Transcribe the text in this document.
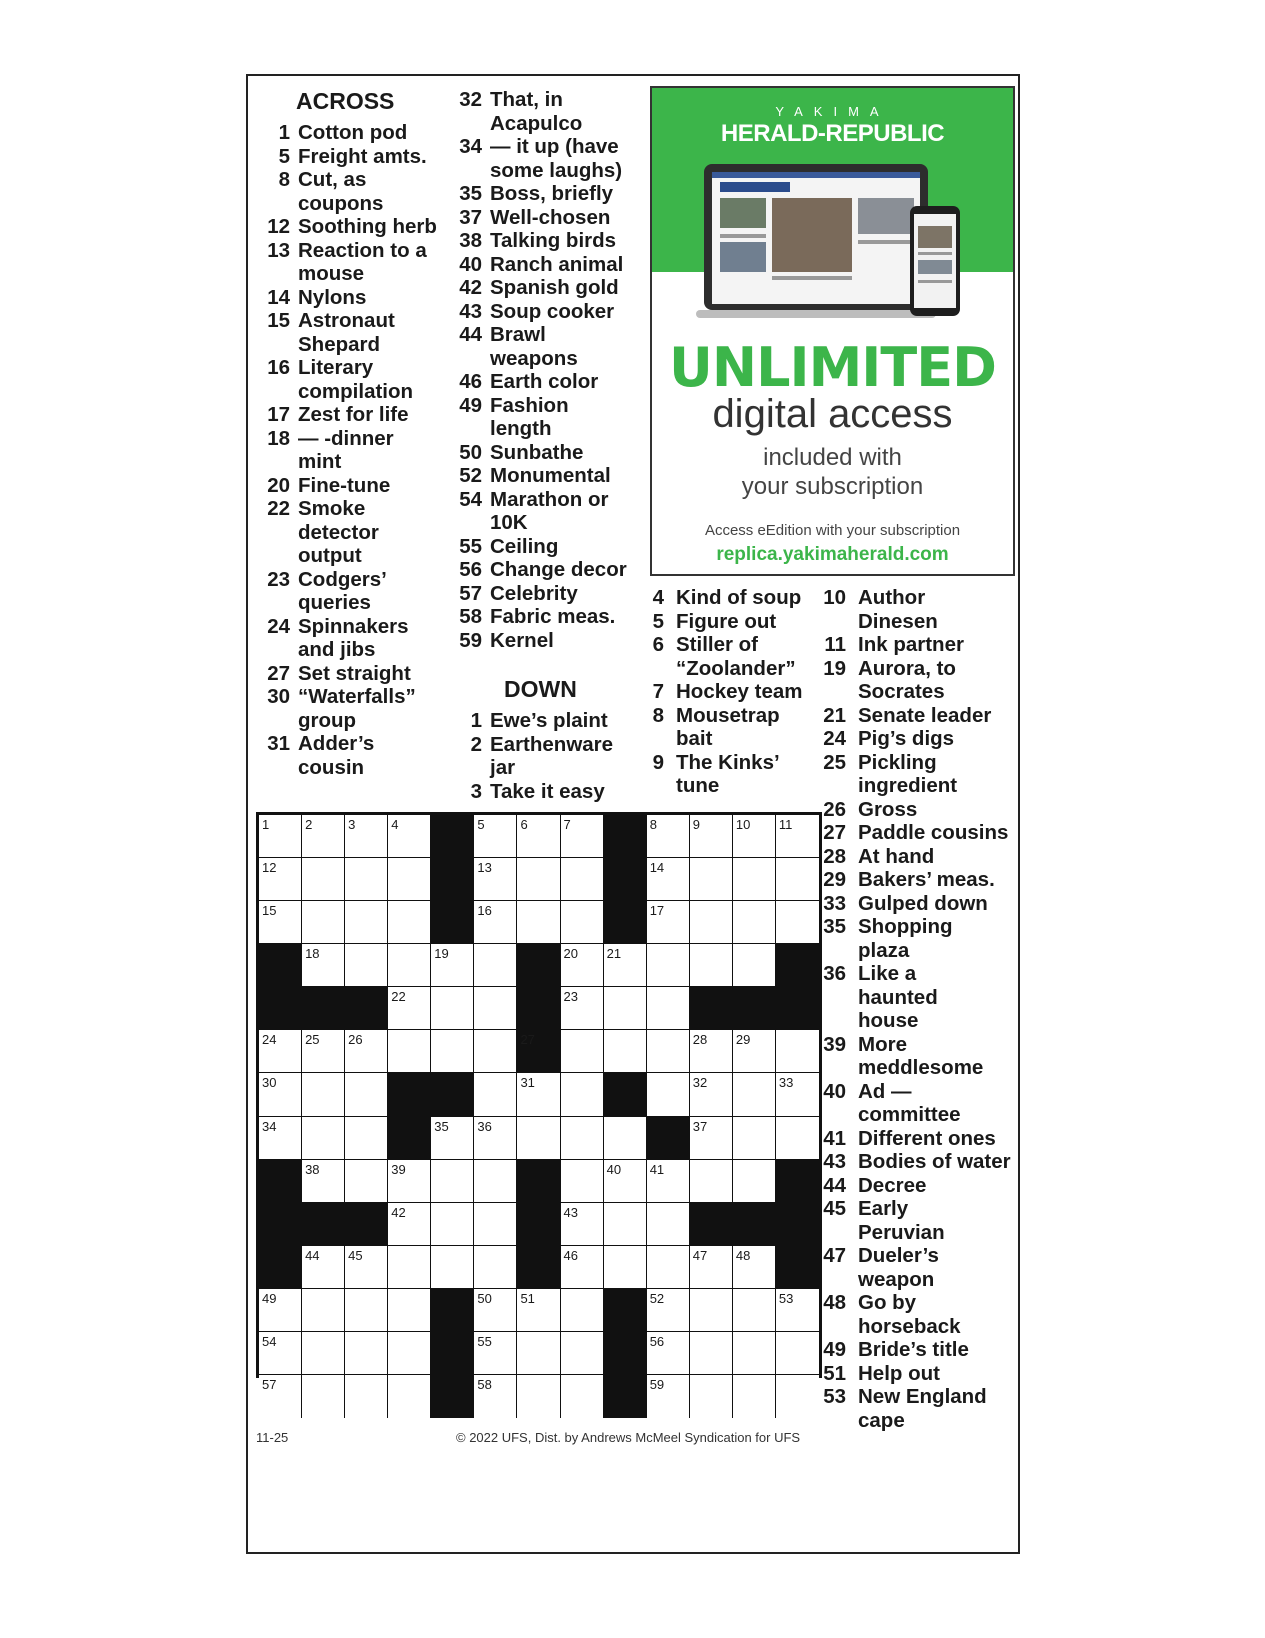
ACROSS
1 Cotton pod
5 Freight amts.
8 Cut, as
coupons
12 Soothing herb
13 Reaction to a
mouse
14 Nylons
15 Astronaut
Shepard
16 Literary
compilation
17 Zest for life
18 — -dinner
mint
20 Fine-tune
22 Smoke
detector
output
23 Codgers’
queries
24 Spinnakers
and jibs
27 Set straight
30 “Waterfalls”
group
31 Adder’s
cousin
32 That, in
Acapulco
34 — it up (have
some laughs)
35 Boss, briefly
37 Well-chosen
38 Talking birds
40 Ranch animal
42 Spanish gold
43 Soup cooker
44 Brawl
weapons
46 Earth color
49 Fashion
length
50 Sunbathe
52 Monumental
54 Marathon or
10K
55 Ceiling
56 Change decor
57 Celebrity
58 Fabric meas.
59 Kernel
DOWN
1 Ewe’s plaint
2 Earthenware
jar
3 Take it easy
4 Kind of soup
5 Figure out
6 Stiller of
“Zoolander”
7 Hockey team
8 Mousetrap
bait
9 The Kinks’
tune
10 Author
Dinesen
11 Ink partner
19 Aurora, to
Socrates
21 Senate leader
24 Pig’s digs
25 Pickling
ingredient
26 Gross
27 Paddle cousins
28 At hand
29 Bakers’ meas.
33 Gulped down
35 Shopping
plaza
36 Like a
haunted
house
39 More
meddlesome
40 Ad —
committee
41 Different ones
43 Bodies of water
44 Decree
45 Early
Peruvian
47 Dueler’s
weapon
48 Go by
horseback
49 Bride’s title
51 Help out
53 New England
cape
YAKIMA
HERALD-REPUBLIC
UNLIMITED
digital access
included with
your subscription
Access eEdition with your subscription
replica.yakimaherald.com
1	2	3	4	5	6	7	8	9	10 11
12	13	14
15	16	17
18	19	20 21
22	23
24 25 26	27	28 29
30	31	32	33
34	35 36	37
38	39	40 41
42	43
44 45	46	47 48
49	50 51	52	53
54	55	56
57	58	59
11-25	© 2022 UFS, Dist. by Andrews McMeel Syndication for UFS
